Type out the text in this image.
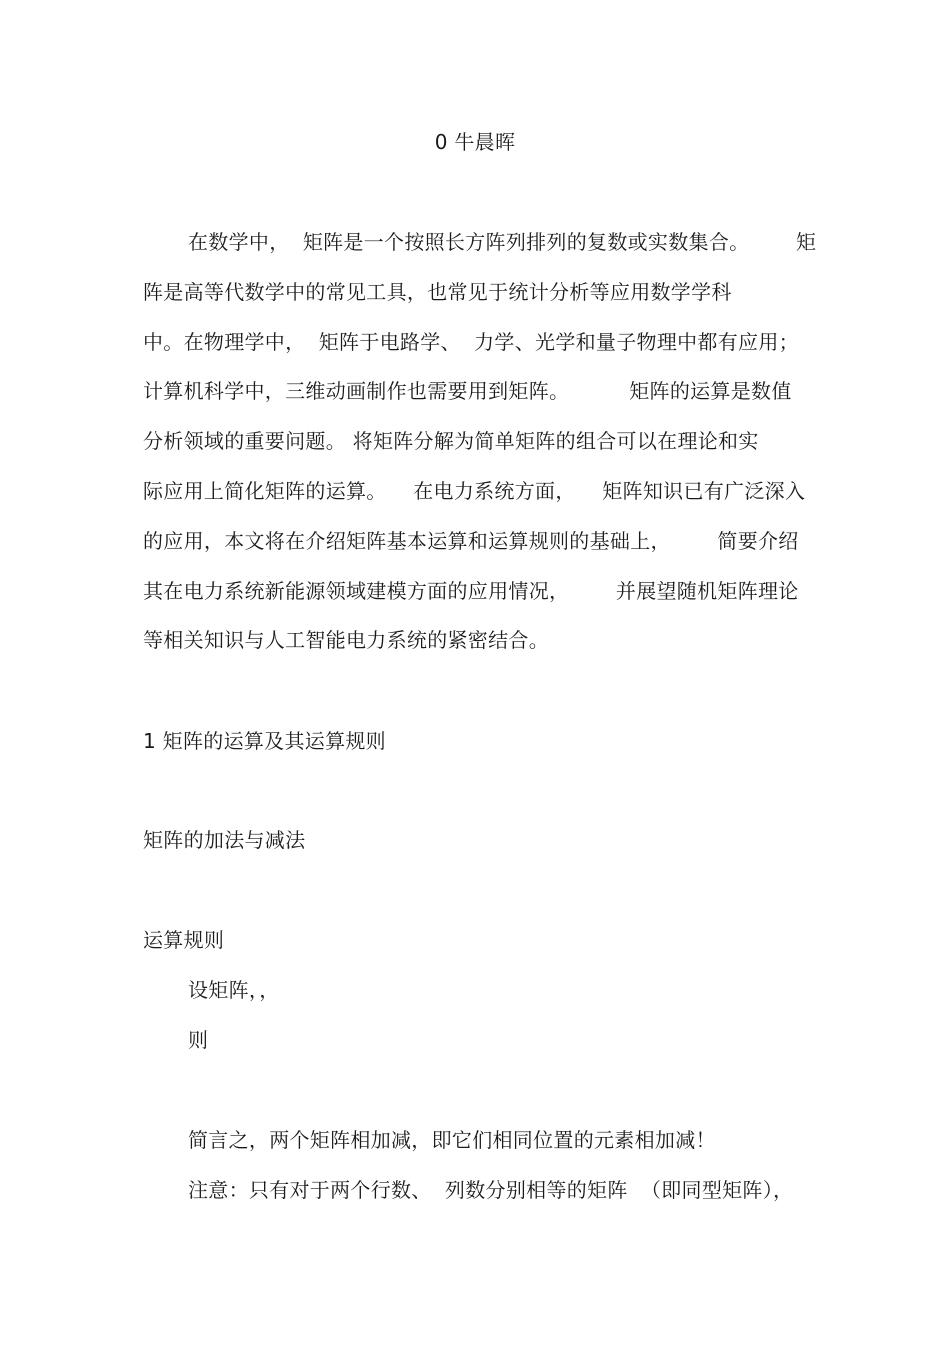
0 牛晨晖
在数学中，  矩阵是一个按照长方阵列排列的复数或实数集合。       矩
阵是高等代数学中的常见工具，也常见于统计分析等应用数学学科
中。在物理学中，  矩阵于电路学、  力学、光学和量子物理中都有应用；
计算机科学中，三维动画制作也需要用到矩阵。         矩阵的运算是数值
分析领域的重要问题。 将矩阵分解为简单矩阵的组合可以在理论和实
际应用上简化矩阵的运算。    在电力系统方面，    矩阵知识已有广泛深入
的应用，本文将在介绍矩阵基本运算和运算规则的基础上，       简要介绍
其在电力系统新能源领域建模方面的应用情况，       并展望随机矩阵理论
等相关知识与人工智能电力系统的紧密结合。
1 矩阵的运算及其运算规则
矩阵的加法与减法
运算规则
设矩阵，，
则
简言之，两个矩阵相加减，即它们相同位置的元素相加减！
注意：只有对于两个行数、  列数分别相等的矩阵  （即同型矩阵），
